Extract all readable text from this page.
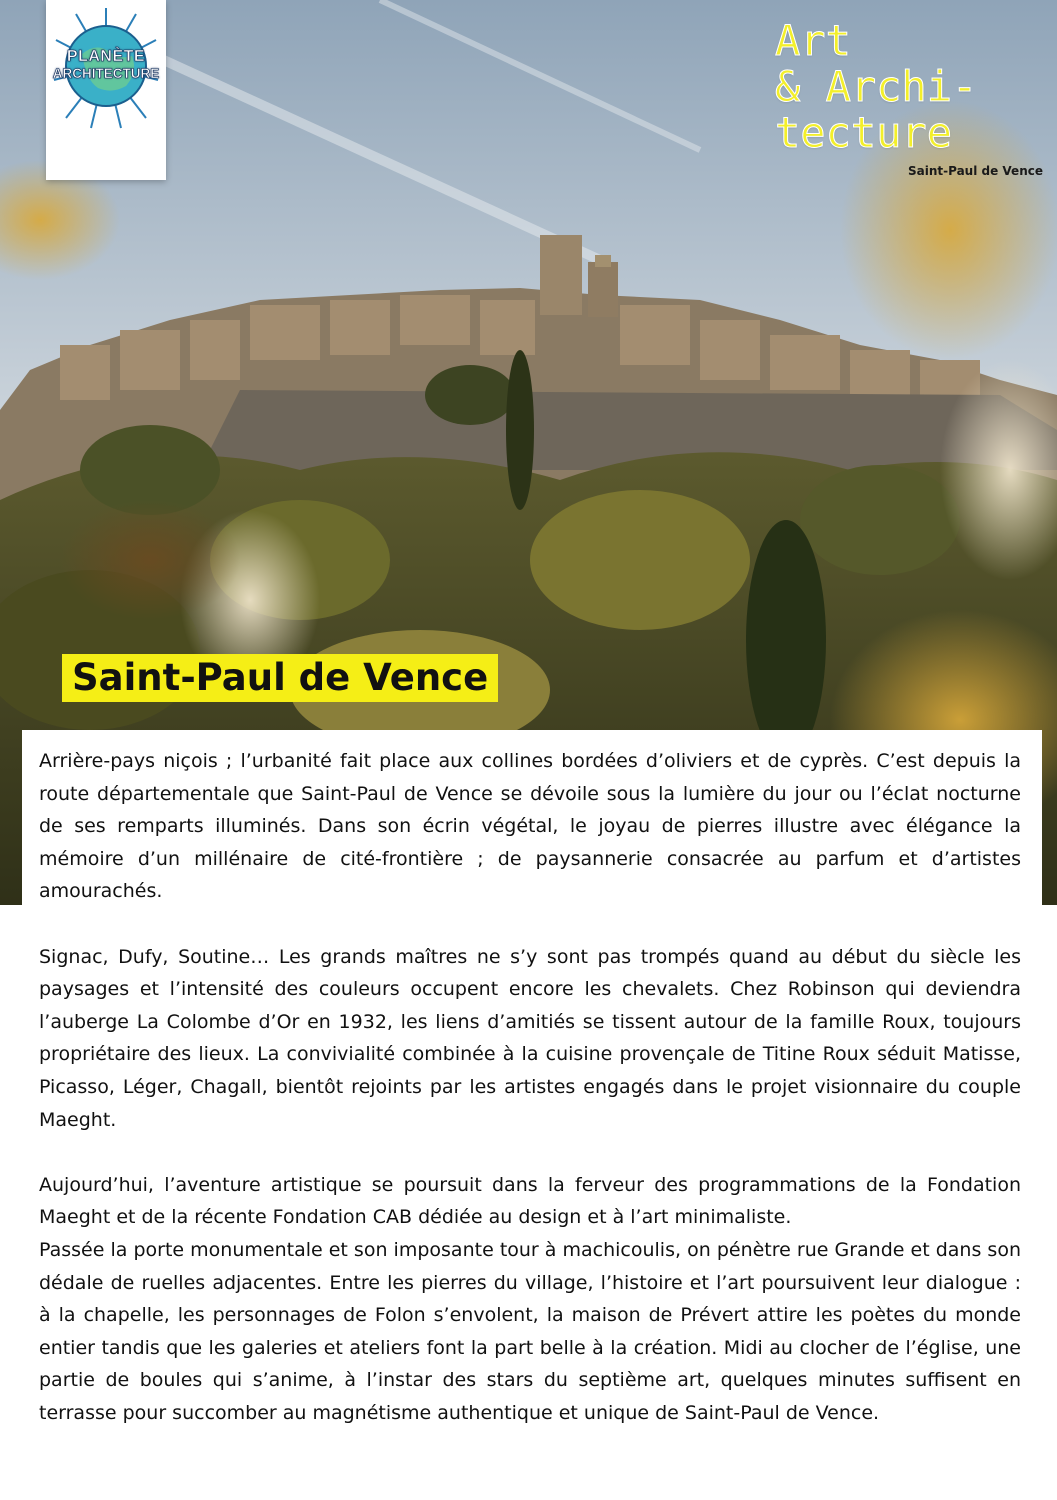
PLANÈTE
ARCHITECTURE
Art
& Archi-
tecture
Saint-Paul de Vence
Saint-Paul de Vence

Arrière-pays niçois ; l’urbanité fait place aux collines bordées d’oliviers et de cyprès. C’est depuis la route départementale que Saint-Paul de Vence se dévoile sous la lumière du jour ou l’éclat nocturne de ses remparts illuminés. Dans son écrin végétal, le joyau de pierres illustre avec élégance la mémoire d’un millénaire de cité-frontière ; de paysannerie consacrée au parfum et d’artistes amourachés.

Signac, Dufy, Soutine… Les grands maîtres ne s’y sont pas trompés quand au début du siècle les paysages et l’intensité des couleurs occupent encore les chevalets. Chez Robinson qui deviendra l’auberge La Colombe d’Or en 1932, les liens d’amitiés se tissent autour de la famille Roux, toujours propriétaire des lieux. La convivialité combinée à la cuisine provençale de Titine Roux séduit Matisse, Picasso, Léger, Chagall, bientôt rejoints par les artistes engagés dans le projet visionnaire du couple Maeght.

Aujourd’hui, l’aventure artistique se poursuit dans la ferveur des programmations de la Fondation Maeght et de la récente Fondation CAB dédiée au design et à l’art minimaliste.

Passée la porte monumentale et son imposante tour à machicoulis, on pénètre rue Grande et dans son dédale de ruelles adjacentes. Entre les pierres du village, l’histoire et l’art poursuivent leur dialogue : à la chapelle, les personnages de Folon s’envolent, la maison de Prévert attire les poètes du monde entier tandis que les galeries et ateliers font la part belle à la création. Midi au clocher de l’église, une partie de boules qui s’anime, à l’instar des stars du septième art, quelques minutes suffisent en terrasse pour succomber au magnétisme authentique et unique de Saint-Paul de Vence.
